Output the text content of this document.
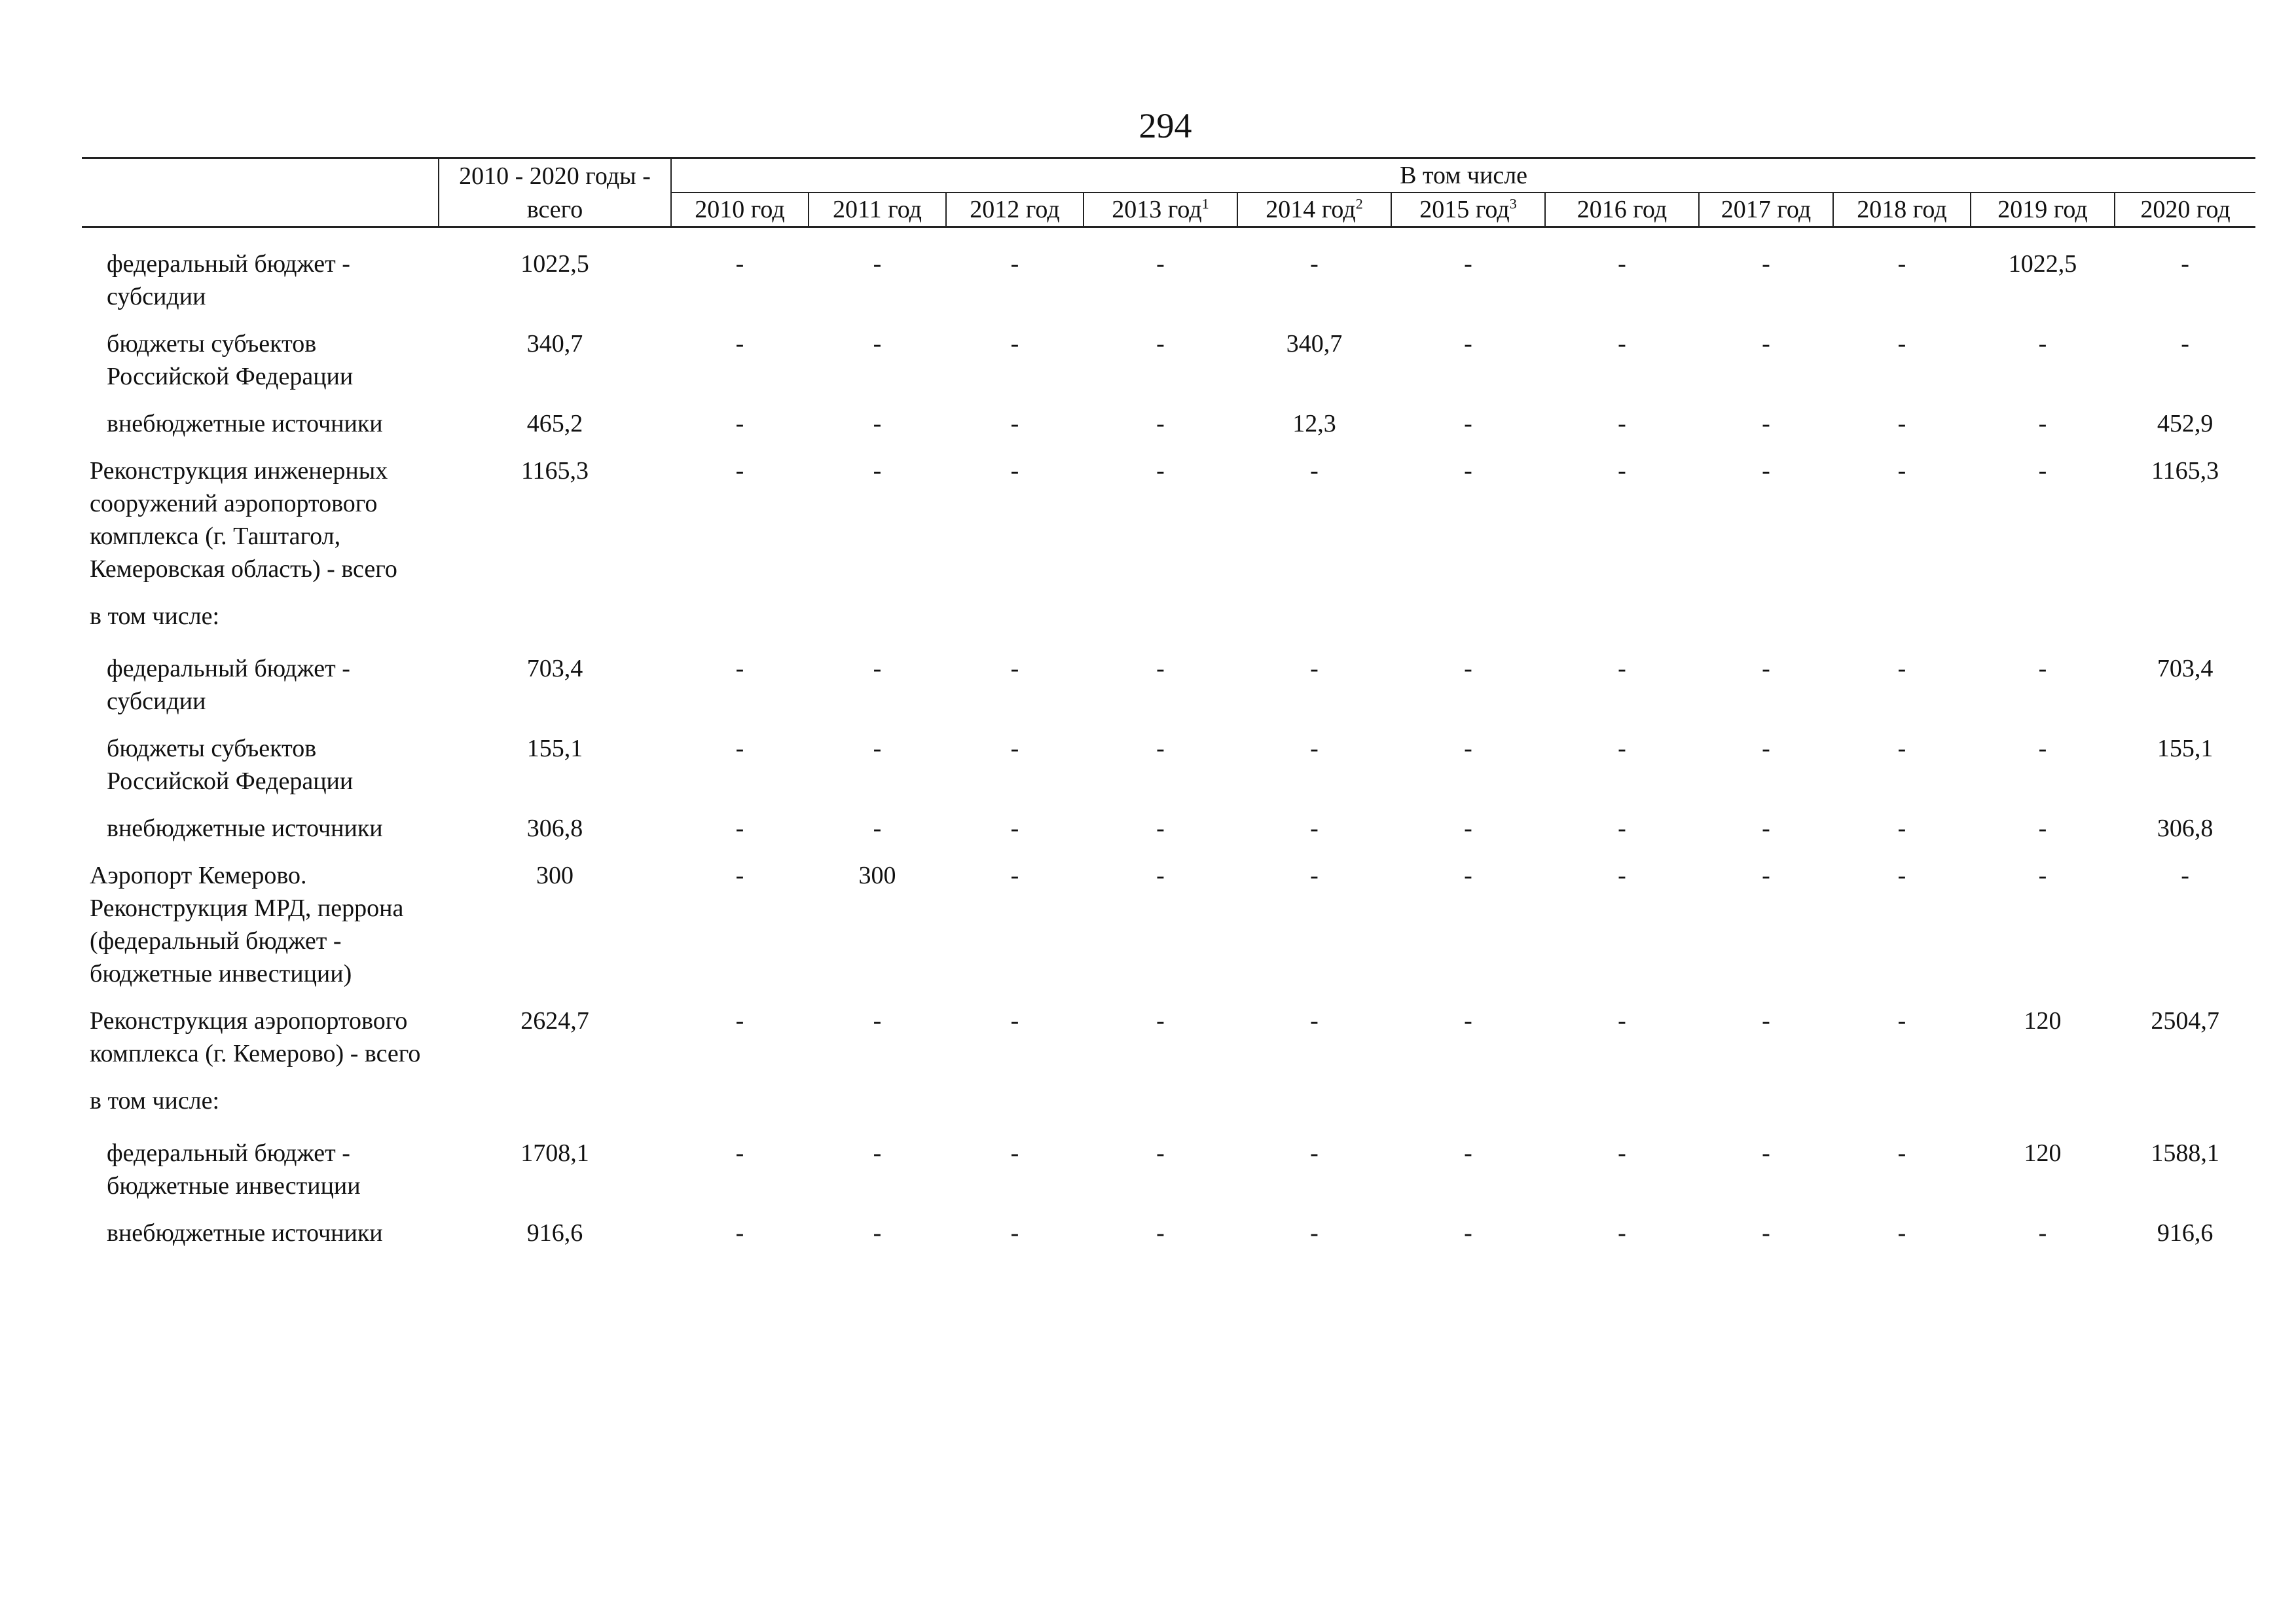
294
	2010 - 2020 годы -	В том числе										
	всего	2010 год	2011 год	2012 год	2013 год$^1$	2014 год$^2$	2015 год$^3$	2016 год	2017 год	2018 год	2019 год	2020 год

федеральный бюджет - субсидии	1022,5	-	-	-	-	-	-	-	-	-	1022,5	-
бюджеты субъектов Российской Федерации	340,7	-	-	-	-	340,7	-	-	-	-	-	-
внебюджетные источники	465,2	-	-	-	-	12,3	-	-	-	-	-	452,9
Реконструкция инженерных сооружений аэропортового комплекса (г. Таштагол, Кемеровская область) - всего	1165,3	-	-	-	-	-	-	-	-	-	-	1165,3
в том числе:												
федеральный бюджет - субсидии	703,4	-	-	-	-	-	-	-	-	-	-	703,4
бюджеты субъектов Российской Федерации	155,1	-	-	-	-	-	-	-	-	-	-	155,1
внебюджетные источники	306,8	-	-	-	-	-	-	-	-	-	-	306,8
Аэропорт Кемерово. Реконструкция МРД, перрона (федеральный бюджет - бюджетные инвестиции)	300	-	300	-	-	-	-	-	-	-	-	-
Реконструкция аэропортового комплекса (г. Кемерово) - всего	2624,7	-	-	-	-	-	-	-	-	-	120	2504,7
в том числе:												
федеральный бюджет - бюджетные инвестиции	1708,1	-	-	-	-	-	-	-	-	-	120	1588,1
внебюджетные источники	916,6	-	-	-	-	-	-	-	-	-	-	916,6
